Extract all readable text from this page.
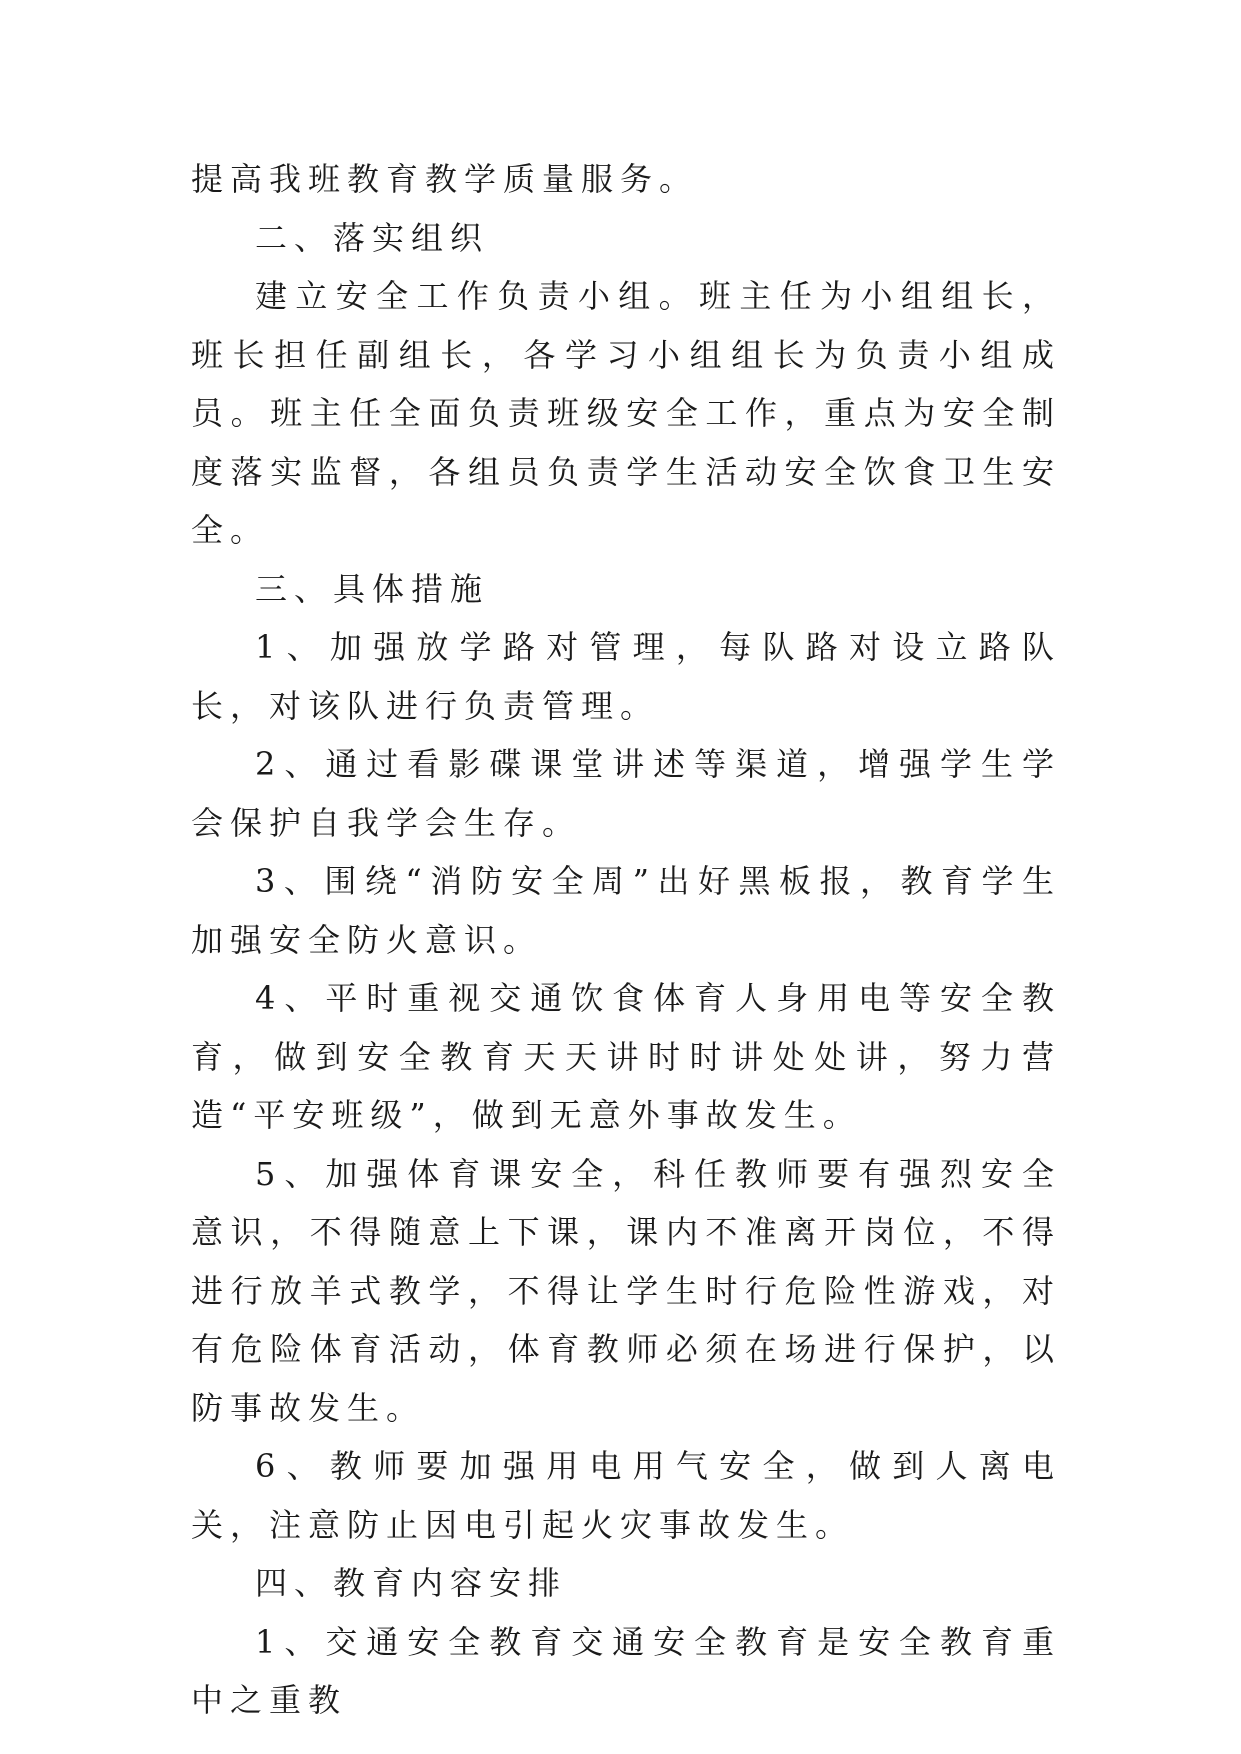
提高我班教育教学质量服务。

二、落实组织

建立安全工作负责小组。班主任为小组组长，班长担任副组长，各学习小组组长为负责小组成员。班主任全面负责班级安全工作，重点为安全制度落实监督，各组员负责学生活动安全饮食卫生安全。

三、具体措施

1、加强放学路对管理，每队路对设立路队长，对该队进行负责管理。

2、通过看影碟课堂讲述等渠道，增强学生学会保护自我学会生存。

3、围绕“消防安全周”出好黑板报，教育学生加强安全防火意识。

4、平时重视交通饮食体育人身用电等安全教育，做到安全教育天天讲时时讲处处讲，努力营造“平安班级”，做到无意外事故发生。

5、加强体育课安全，科任教师要有强烈安全意识，不得随意上下课，课内不准离开岗位，不得进行放羊式教学，不得让学生时行危险性游戏，对有危险体育活动，体育教师必须在场进行保护，以防事故发生。

6、教师要加强用电用气安全，做到人离电关，注意防止因电引起火灾事故发生。

四、教育内容安排

1、交通安全教育交通安全教育是安全教育重中之重教
